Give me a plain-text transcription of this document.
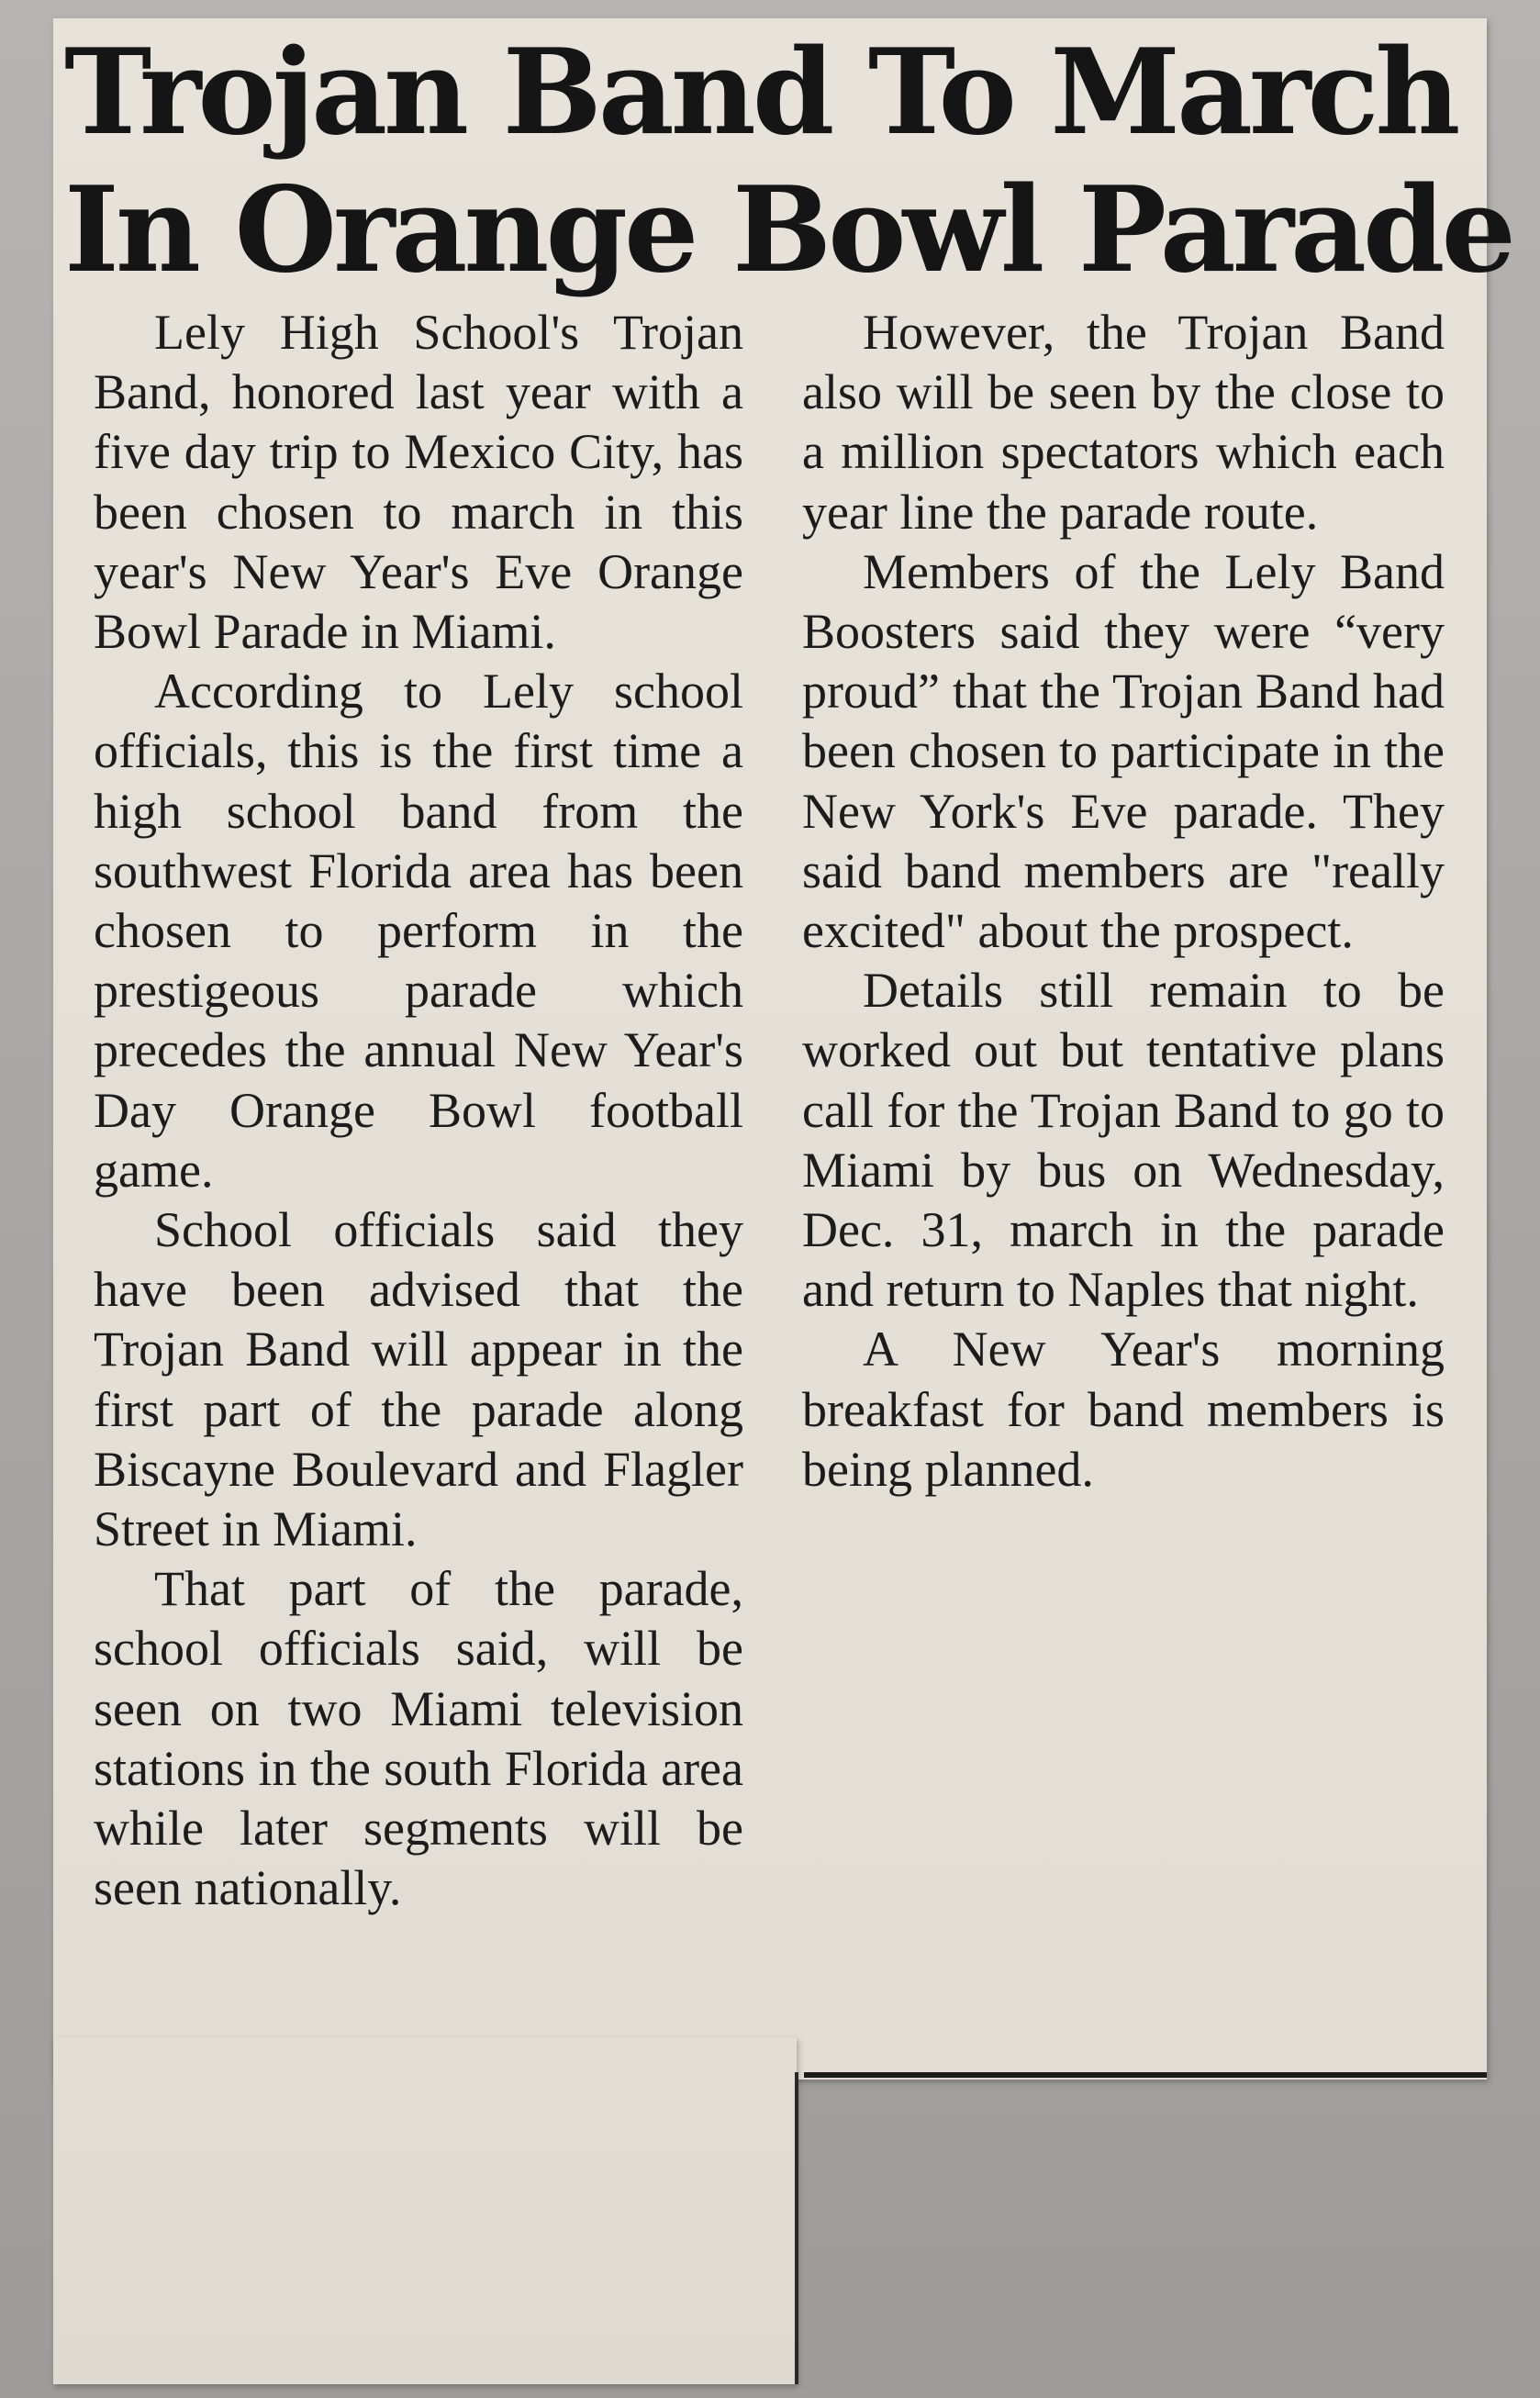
Trojan Band To March
In Orange Bowl Parade

Lely High School's Trojan Band, honored last year with a five day trip to Mexico City, has been chosen to march in this year's New Year's Eve Orange Bowl Parade in Miami.

According to Lely school officials, this is the first time a high school band from the southwest Florida area has been chosen to perform in the prestigeous parade which precedes the annual New Year's Day Orange Bowl football game.

School officials said they have been advised that the Trojan Band will appear in the first part of the parade along Biscayne Boulevard and Flagler Street in Miami.

That part of the parade, school officials said, will be seen on two Miami television stations in the south Florida area while later segments will be seen nationally.

However, the Trojan Band also will be seen by the close to a million spectators which each year line the parade route.

Members of the Lely Band Boosters said they were “very proud” that the Trojan Band had been chosen to participate in the New York's Eve parade. They said band members are "really excited" about the prospect.

Details still remain to be worked out but tentative plans call for the Trojan Band to go to Miami by bus on Wednesday, Dec. 31, march in the parade and return to Naples that night.

A New Year's morning breakfast for band members is being planned.
